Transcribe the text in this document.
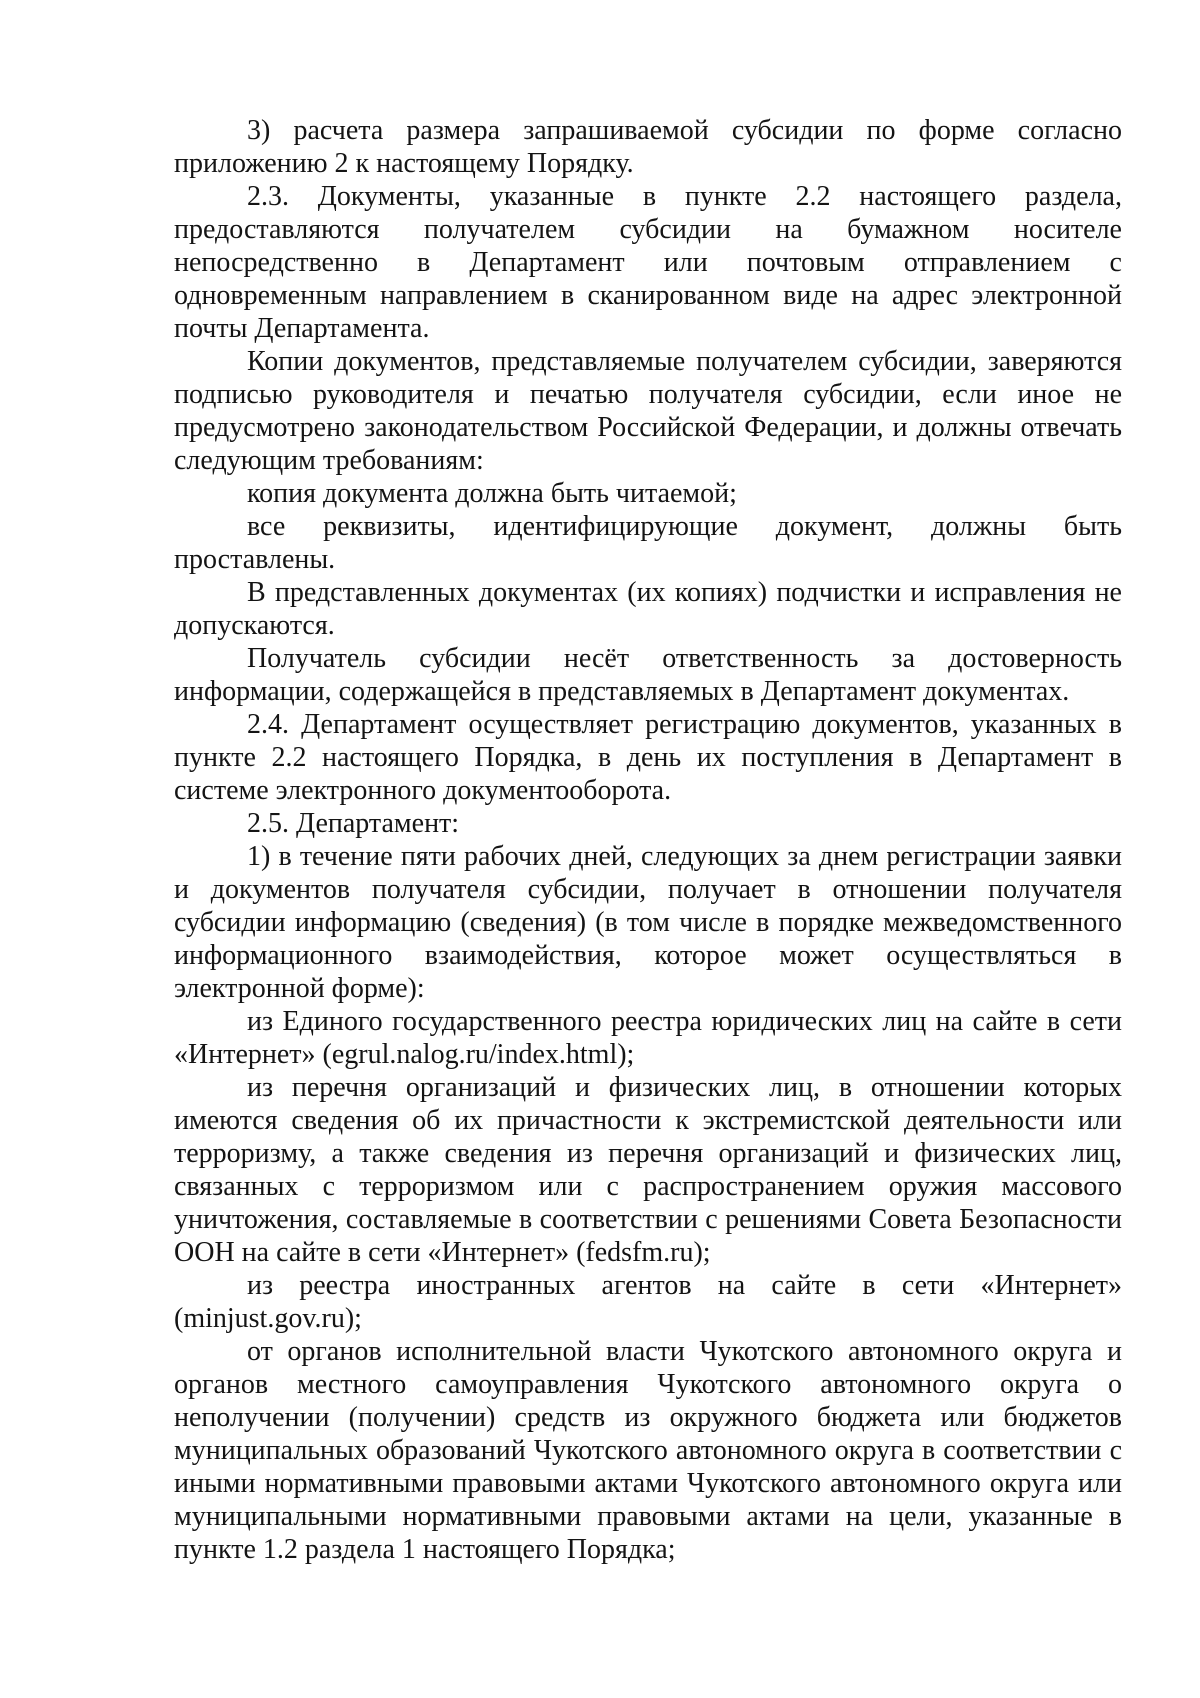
3) расчета размера запрашиваемой субсидии по форме согласно приложению 2 к настоящему Порядку.

2.3. Документы, указанные в пункте 2.2 настоящего раздела, предоставляются получателем субсидии на бумажном носителе непосредственно в Департамент или почтовым отправлением с одновременным направлением в сканированном виде на адрес электронной почты Департамента.

Копии документов, представляемые получателем субсидии, заверяются подписью руководителя и печатью получателя субсидии, если иное не предусмотрено законодательством Российской Федерации, и должны отвечать следующим требованиям:

копия документа должна быть читаемой;

все реквизиты, идентифицирующие документ, должны быть проставлены.

В представленных документах (их копиях) подчистки и исправления не допускаются.

Получатель субсидии несёт ответственность за достоверность информации, содержащейся в представляемых в Департамент документах.

2.4. Департамент осуществляет регистрацию документов, указанных в пункте 2.2 настоящего Порядка, в день их поступления в Департамент в системе электронного документооборота.

2.5. Департамент:

1) в течение пяти рабочих дней, следующих за днем регистрации заявки и документов получателя субсидии, получает в отношении получателя субсидии информацию (сведения) (в том числе в порядке межведомственного информационного взаимодействия, которое может осуществляться в электронной форме):

из Единого государственного реестра юридических лиц на сайте в сети «Интернет» (egrul.nalog.ru/index.html);

из перечня организаций и физических лиц, в отношении которых имеются сведения об их причастности к экстремистской деятельности или терроризму, а также сведения из перечня организаций и физических лиц, связанных с терроризмом или с распространением оружия массового уничтожения, составляемые в соответствии с решениями Совета Безопасности ООН на сайте в сети «Интернет» (fedsfm.ru);

из реестра иностранных агентов на сайте в сети «Интернет» (minjust.gov.ru);

от органов исполнительной власти Чукотского автономного округа и органов местного самоуправления Чукотского автономного округа о неполучении (получении) средств из окружного бюджета или бюджетов муниципальных образований Чукотского автономного округа в соответствии с иными нормативными правовыми актами Чукотского автономного округа или муниципальными нормативными правовыми актами на цели, указанные в пункте 1.2 раздела 1 настоящего Порядка;
